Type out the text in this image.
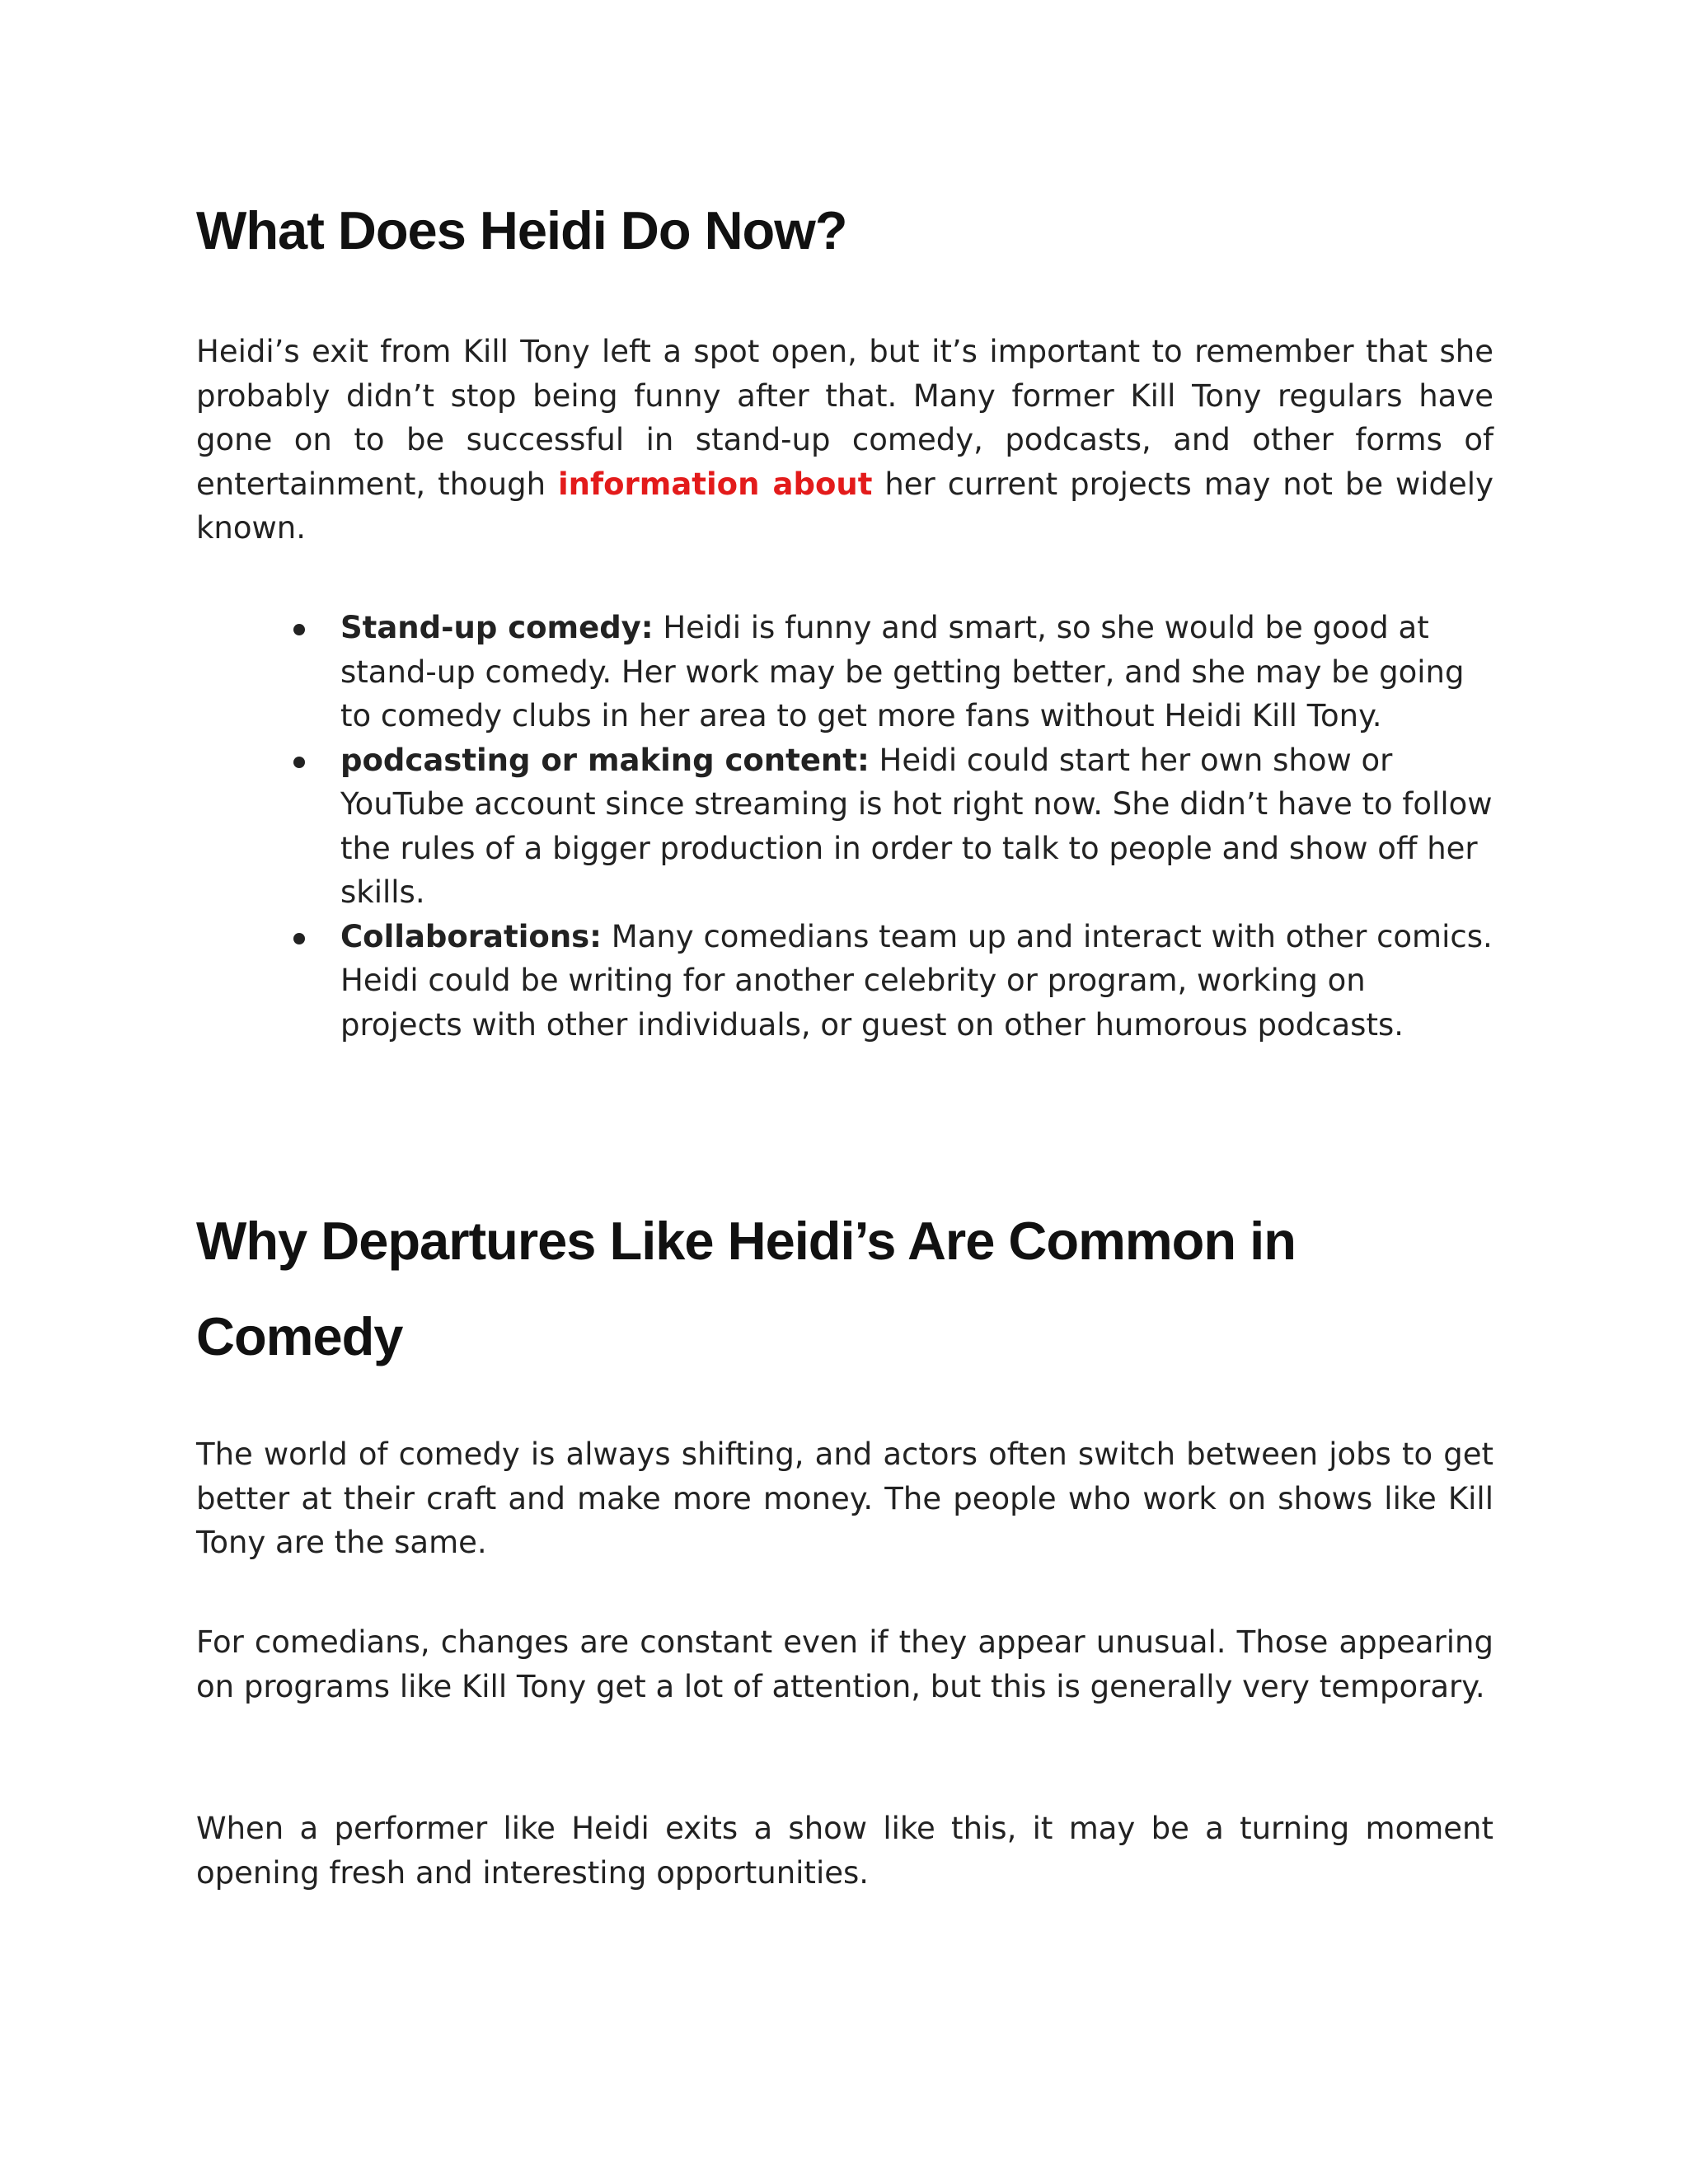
What Does Heidi Do Now?

Heidi’s exit from Kill Tony left a spot open, but it’s important to remember that she probably didn’t stop being funny after that. Many former Kill Tony regulars have gone on to be successful in stand-up comedy, podcasts, and other forms of entertainment, though information about her current projects may not be widely known.

Stand-up comedy: Heidi is funny and smart, so she would be good at stand-up comedy. Her work may be getting better, and she may be going to comedy clubs in her area to get more fans without Heidi Kill Tony.
podcasting or making content: Heidi could start her own show or YouTube account since streaming is hot right now. She didn’t have to follow the rules of a bigger production in order to talk to people and show off her skills.
Collaborations: Many comedians team up and interact with other comics. Heidi could be writing for another celebrity or program, working on projects with other individuals, or guest on other humorous podcasts.
Why Departures Like Heidi’s Are Common in Comedy

The world of comedy is always shifting, and actors often switch between jobs to get better at their craft and make more money. The people who work on shows like Kill Tony are the same.

For comedians, changes are constant even if they appear unusual. Those appearing on programs like Kill Tony get a lot of attention, but this is generally very temporary.

When a performer like Heidi exits a show like this, it may be a turning moment opening fresh and interesting opportunities.
